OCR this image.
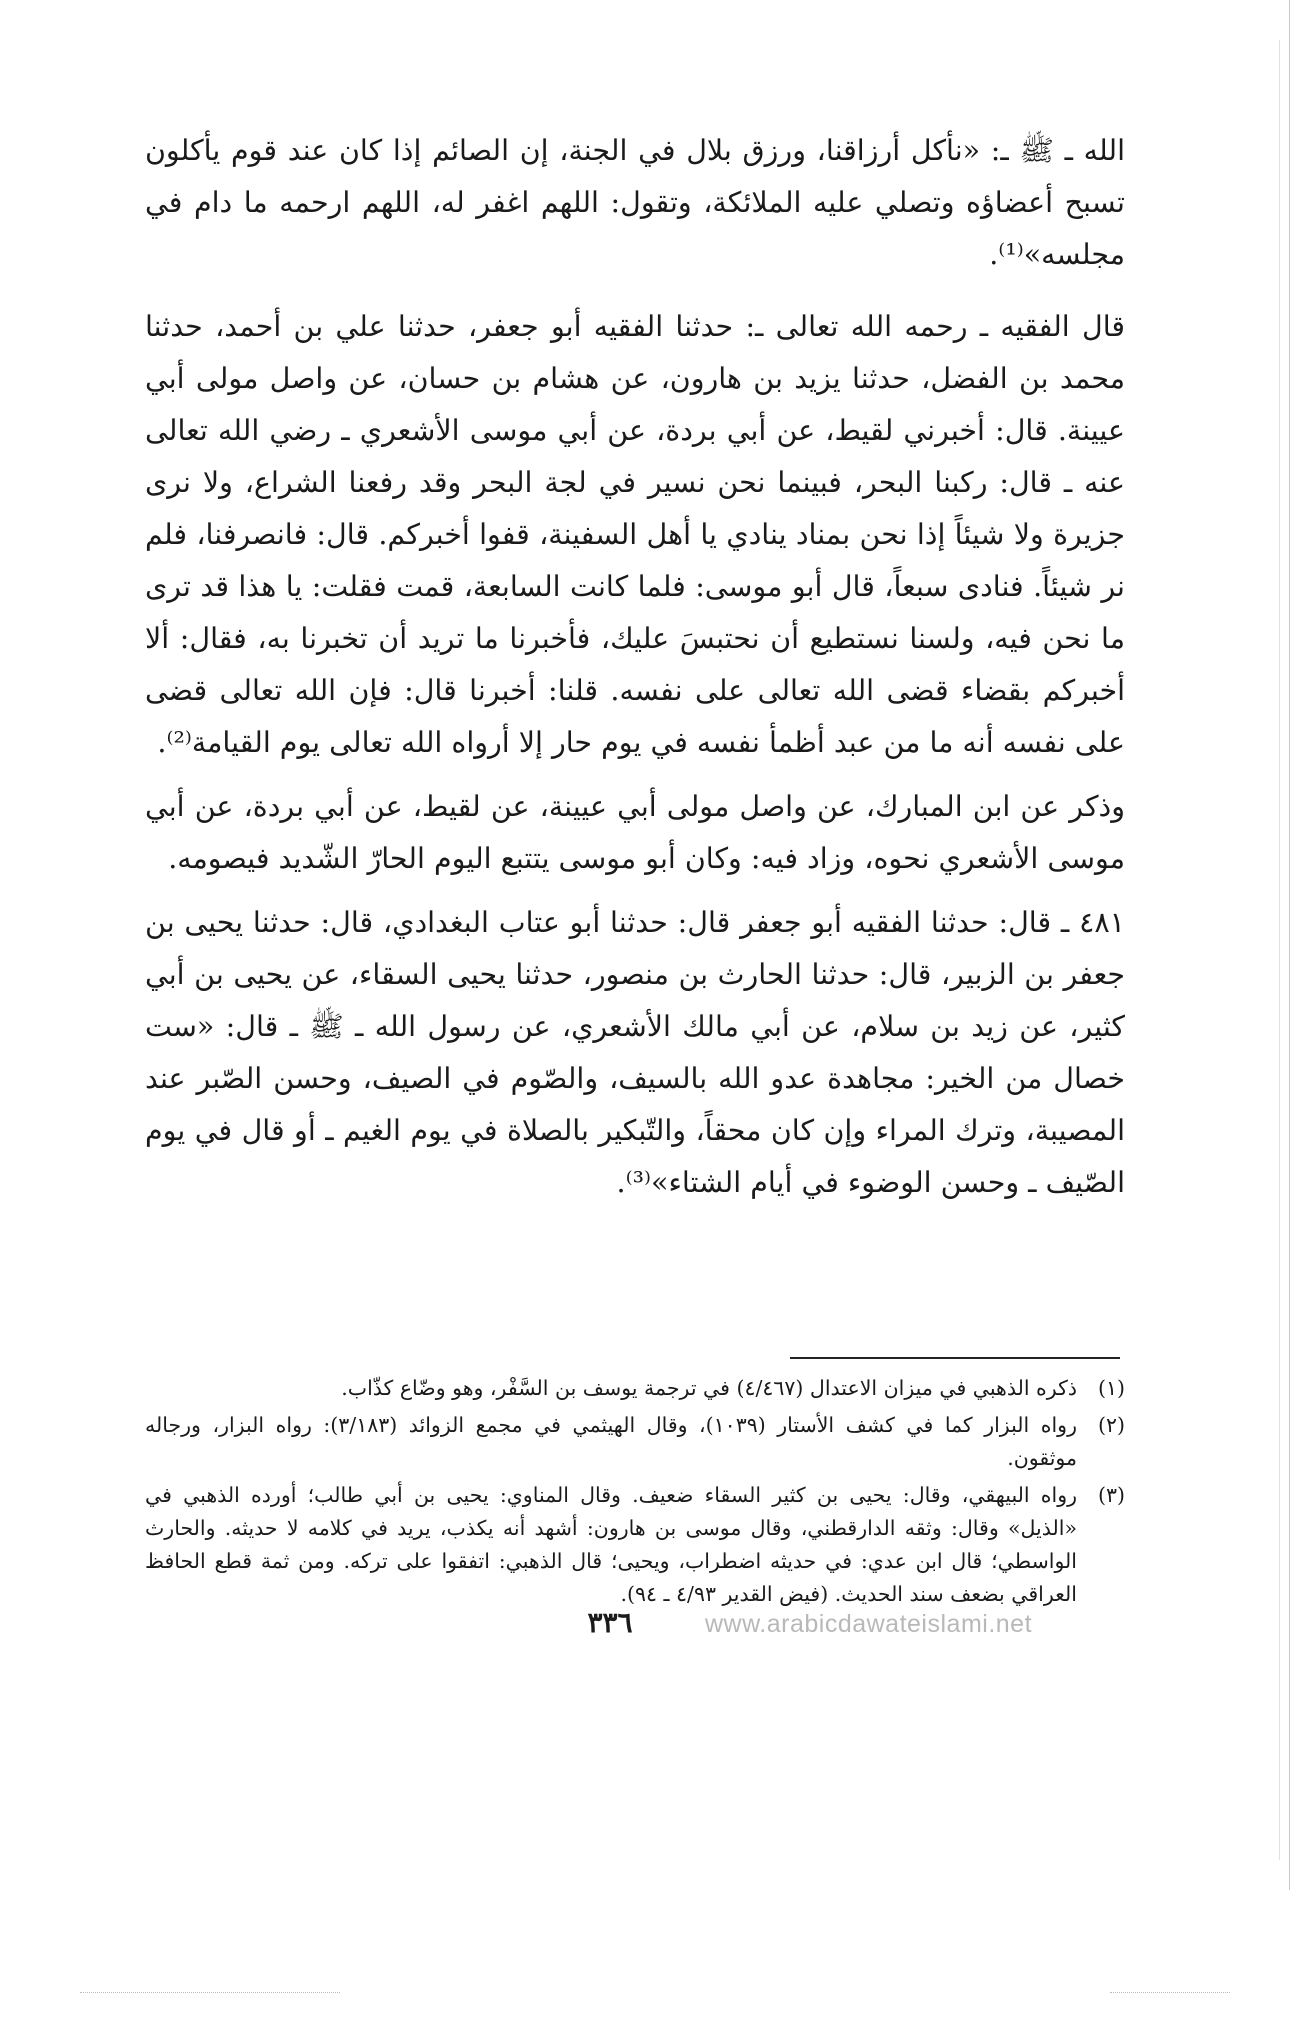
الله ـ ﷺ ـ: «نأكل أرزاقنا، ورزق بلال في الجنة، إن الصائم إذا كان عند قوم يأكلون تسبح أعضاؤه وتصلي عليه الملائكة، وتقول: اللهم اغفر له، اللهم ارحمه ما دام في مجلسه»⁽¹⁾.

قال الفقيه ـ رحمه الله تعالى ـ: حدثنا الفقيه أبو جعفر، حدثنا علي بن أحمد، حدثنا محمد بن الفضل، حدثنا يزيد بن هارون، عن هشام بن حسان، عن واصل مولى أبي عيينة. قال: أخبرني لقيط، عن أبي بردة، عن أبي موسى الأشعري ـ رضي الله تعالى عنه ـ قال: ركبنا البحر، فبينما نحن نسير في لجة البحر وقد رفعنا الشراع، ولا نرى جزيرة ولا شيئاً إذا نحن بمناد ينادي يا أهل السفينة، قفوا أخبركم. قال: فانصرفنا، فلم نر شيئاً. فنادى سبعاً، قال أبو موسى: فلما كانت السابعة، قمت فقلت: يا هذا قد ترى ما نحن فيه، ولسنا نستطيع أن نحتبسَ عليك، فأخبرنا ما تريد أن تخبرنا به، فقال: ألا أخبركم بقضاء قضى الله تعالى على نفسه. قلنا: أخبرنا قال: فإن الله تعالى قضى على نفسه أنه ما من عبد أظمأ نفسه في يوم حار إلا أرواه الله تعالى يوم القيامة⁽²⁾.

وذكر عن ابن المبارك، عن واصل مولى أبي عيينة، عن لقيط، عن أبي بردة، عن أبي موسى الأشعري نحوه، وزاد فيه: وكان أبو موسى يتتبع اليوم الحارّ الشّديد فيصومه.

٤٨١ ـ قال: حدثنا الفقيه أبو جعفر قال: حدثنا أبو عتاب البغدادي، قال: حدثنا يحيى بن جعفر بن الزبير، قال: حدثنا الحارث بن منصور، حدثنا يحيى السقاء، عن يحيى بن أبي كثير، عن زيد بن سلام، عن أبي مالك الأشعري، عن رسول الله ـ ﷺ ـ قال: «ست خصال من الخير: مجاهدة عدو الله بالسيف، والصّوم في الصيف، وحسن الصّبر عند المصيبة، وترك المراء وإن كان محقاً، والتّبكير بالصلاة في يوم الغيم ـ أو قال في يوم الصّيف ـ وحسن الوضوء في أيام الشتاء»⁽³⁾.

(١)
ذكره الذهبي في ميزان الاعتدال (٤/٤٦٧) في ترجمة يوسف بن السَّفْر، وهو وضّاع كذّاب.
(٢)
رواه البزار كما في كشف الأستار (١٠٣٩)، وقال الهيثمي في مجمع الزوائد (٣/١٨٣): رواه البزار، ورجاله موثقون.
(٣)
رواه البيهقي، وقال: يحيى بن كثير السقاء ضعيف. وقال المناوي: يحيى بن أبي طالب؛ أورده الذهبي في «الذيل» وقال: وثقه الدارقطني، وقال موسى بن هارون: أشهد أنه يكذب، يريد في كلامه لا حديثه. والحارث الواسطي؛ قال ابن عدي: في حديثه اضطراب، ويحيى؛ قال الذهبي: اتفقوا على تركه. ومن ثمة قطع الحافظ العراقي بضعف سند الحديث. (فيض القدير ٤/٩٣ ـ ٩٤).
٣٣٦	www.arabicdawateislami.net
